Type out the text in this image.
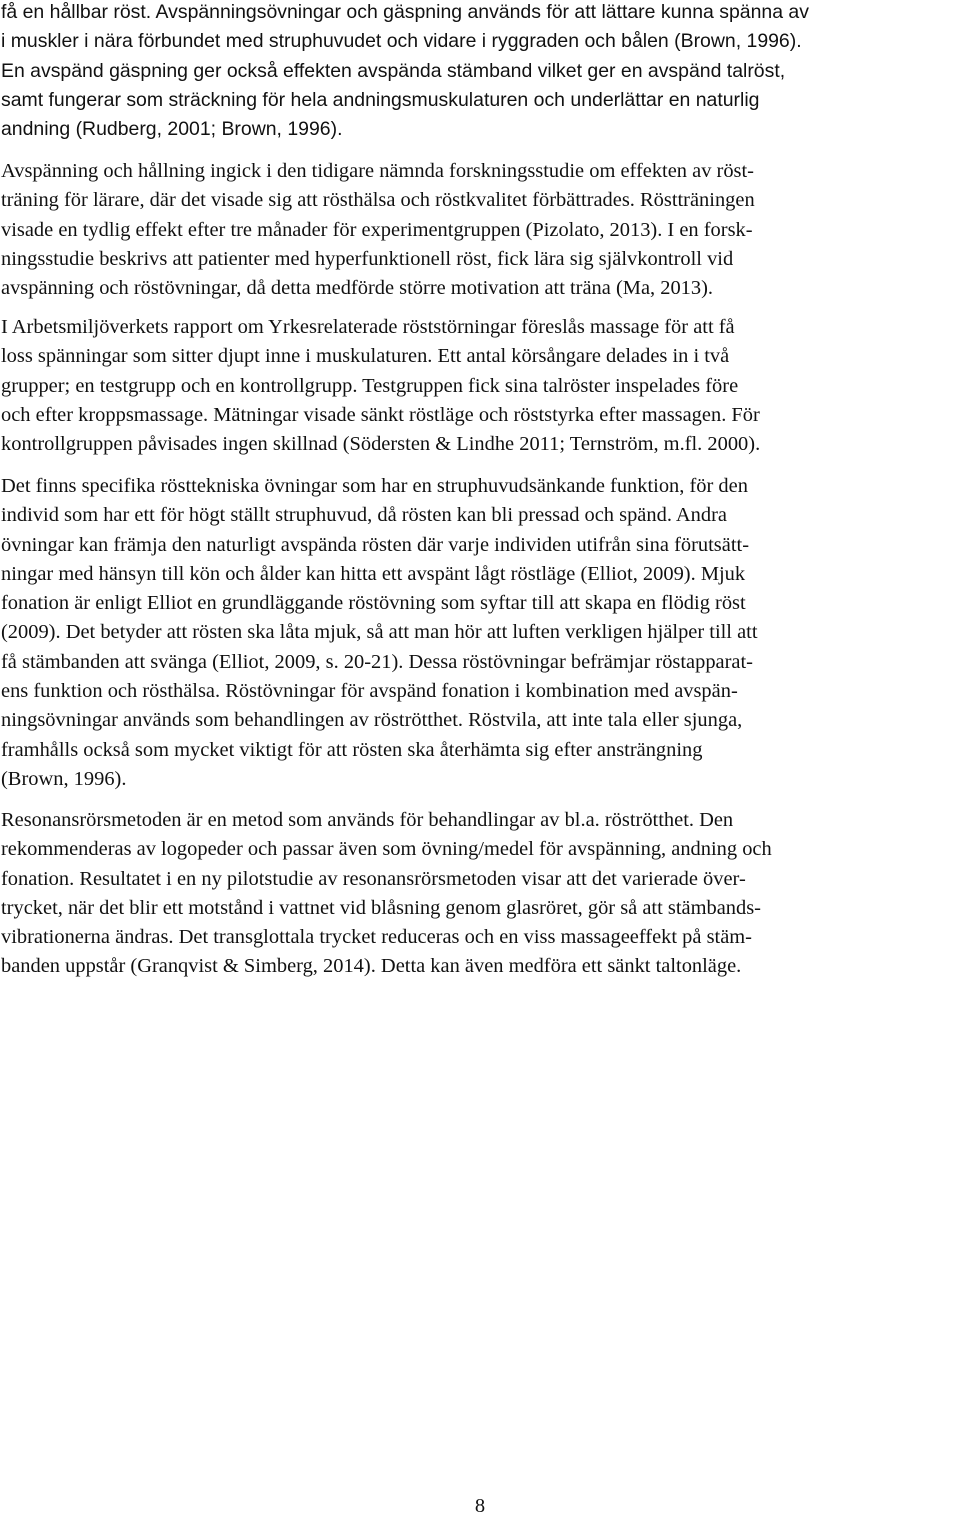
få en hållbar röst. Avspänningsövningar och gäspning används för att lättare kunna spänna av
i muskler i nära förbundet med struphuvudet och vidare i ryggraden och bålen (Brown, 1996).
En avspänd gäspning ger också effekten avspända stämband vilket ger en avspänd talröst,
samt fungerar som sträckning för hela andningsmuskulaturen och underlättar en naturlig
andning (Rudberg, 2001; Brown, 1996).
Avspänning och hållning ingick i den tidigare nämnda forskningsstudie om effekten av röst-
träning för lärare, där det visade sig att rösthälsa och röstkvalitet förbättrades. Röstträningen
visade en tydlig effekt efter tre månader för experimentgruppen (Pizolato, 2013). I en forsk-
ningsstudie beskrivs att patienter med hyperfunktionell röst, fick lära sig självkontroll vid
avspänning och röstövningar, då detta medförde större motivation att träna (Ma, 2013).
I Arbetsmiljöverkets rapport om Yrkesrelaterade röststörningar föreslås massage för att få
loss spänningar som sitter djupt inne i muskulaturen. Ett antal körsångare delades in i två
grupper; en testgrupp och en kontrollgrupp. Testgruppen fick sina talröster inspelades före
och efter kroppsmassage. Mätningar visade sänkt röstläge och röststyrka efter massagen. För
kontrollgruppen påvisades ingen skillnad (Södersten & Lindhe 2011; Ternström, m.fl. 2000).
Det finns specifika rösttekniska övningar som har en struphuvudsänkande funktion, för den
individ som har ett för högt ställt struphuvud, då rösten kan bli pressad och spänd. Andra
övningar kan främja den naturligt avspända rösten där varje individen utifrån sina förutsätt-
ningar med hänsyn till kön och ålder kan hitta ett avspänt lågt röstläge (Elliot, 2009). Mjuk
fonation är enligt Elliot en grundläggande röstövning som syftar till att skapa en flödig röst
(2009). Det betyder att rösten ska låta mjuk, så att man hör att luften verkligen hjälper till att
få stämbanden att svänga (Elliot, 2009, s. 20-21). Dessa röstövningar befrämjar röstapparat-
ens funktion och rösthälsa. Röstövningar för avspänd fonation i kombination med avspän-
ningsövningar används som behandlingen av röströtthet. Röstvila, att inte tala eller sjunga,
framhålls också som mycket viktigt för att rösten ska återhämta sig efter ansträngning
(Brown, 1996).
Resonansrörsmetoden är en metod som används för behandlingar av bl.a. röströtthet. Den
rekommenderas av logopeder och passar även som övning/medel för avspänning, andning och
fonation. Resultatet i en ny pilotstudie av resonansrörsmetoden visar att det varierade över-
trycket, när det blir ett motstånd i vattnet vid blåsning genom glasröret, gör så att stämbands-
vibrationerna ändras. Det transglottala trycket reduceras och en viss massageeffekt på stäm-
banden uppstår (Granqvist & Simberg, 2014). Detta kan även medföra ett sänkt taltonläge.
8
